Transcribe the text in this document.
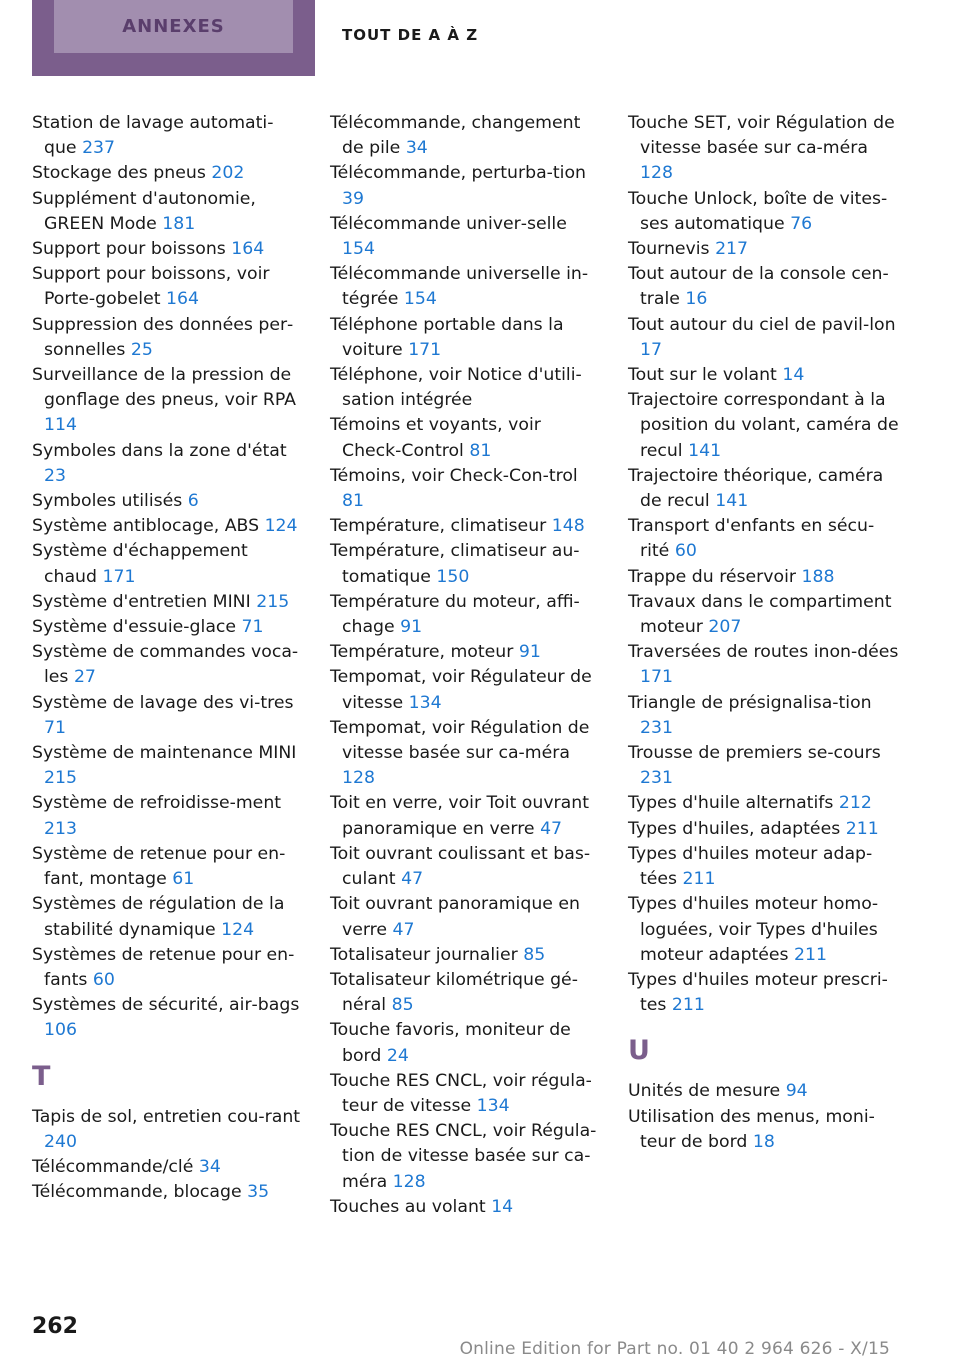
ANNEXES	TOUT DE A À Z

Station de lavage automati‐que 237

Stockage des pneus 202

Supplément d'autonomie, GREEN Mode 181

Support pour boissons 164

Support pour boissons, voir Porte-gobelet 164

Suppression des données per‐sonnelles 25

Surveillance de la pression de gonflage des pneus, voir RPA 114

Symboles dans la zone d'état 23

Symboles utilisés 6

Système antiblocage, ABS 124

Système d'échappement chaud 171

Système d'entretien MINI 215

Système d'essuie-glace 71

Système de commandes voca‐les 27

Système de lavage des vi‐tres 71

Système de maintenance MINI 215

Système de refroidisse‐ment 213

Système de retenue pour en‐fant, montage 61

Systèmes de régulation de la stabilité dynamique 124

Systèmes de retenue pour en‐fants 60

Systèmes de sécurité, air‐bags 106

T

Tapis de sol, entretien cou‐rant 240

Télécommande/clé 34

Télécommande, blocage 35

Télécommande, changement de pile 34

Télécommande, perturba‐tion 39

Télécommande univer‐selle 154

Télécommande universelle in‐tégrée 154

Téléphone portable dans la voiture 171

Téléphone, voir Notice d'utili‐sation intégrée

Témoins et voyants, voir Check-Control 81

Témoins, voir Check-Con‐trol 81

Température, climatiseur 148

Température, climatiseur au‐tomatique 150

Température du moteur, affi‐chage 91

Température, moteur 91

Tempomat, voir Régulateur de vitesse 134

Tempomat, voir Régulation de vitesse basée sur ca‐méra 128

Toit en verre, voir Toit ouvrant panoramique en verre 47

Toit ouvrant coulissant et bas‐culant 47

Toit ouvrant panoramique en verre 47

Totalisateur journalier 85

Totalisateur kilométrique gé‐néral 85

Touche favoris, moniteur de bord 24

Touche RES CNCL, voir régula‐teur de vitesse 134

Touche RES CNCL, voir Régula‐tion de vitesse basée sur ca‐méra 128

Touches au volant 14

Touche SET, voir Régulation de vitesse basée sur ca‐méra 128

Touche Unlock, boîte de vites‐ses automatique 76

Tournevis 217

Tout autour de la console cen‐trale 16

Tout autour du ciel de pavil‐lon 17

Tout sur le volant 14

Trajectoire correspondant à la position du volant, caméra de recul 141

Trajectoire théorique, caméra de recul 141

Transport d'enfants en sécu‐rité 60

Trappe du réservoir 188

Travaux dans le compartiment moteur 207

Traversées de routes inon‐dées 171

Triangle de présignalisa‐tion 231

Trousse de premiers se‐cours 231

Types d'huile alternatifs 212

Types d'huiles, adaptées 211

Types d'huiles moteur adap‐tées 211

Types d'huiles moteur homo‐loguées, voir Types d'huiles moteur adaptées 211

Types d'huiles moteur prescri‐tes 211

U

Unités de mesure 94

Utilisation des menus, moni‐teur de bord 18

262
Online Edition for Part no. 01 40 2 964 626 - X/15
